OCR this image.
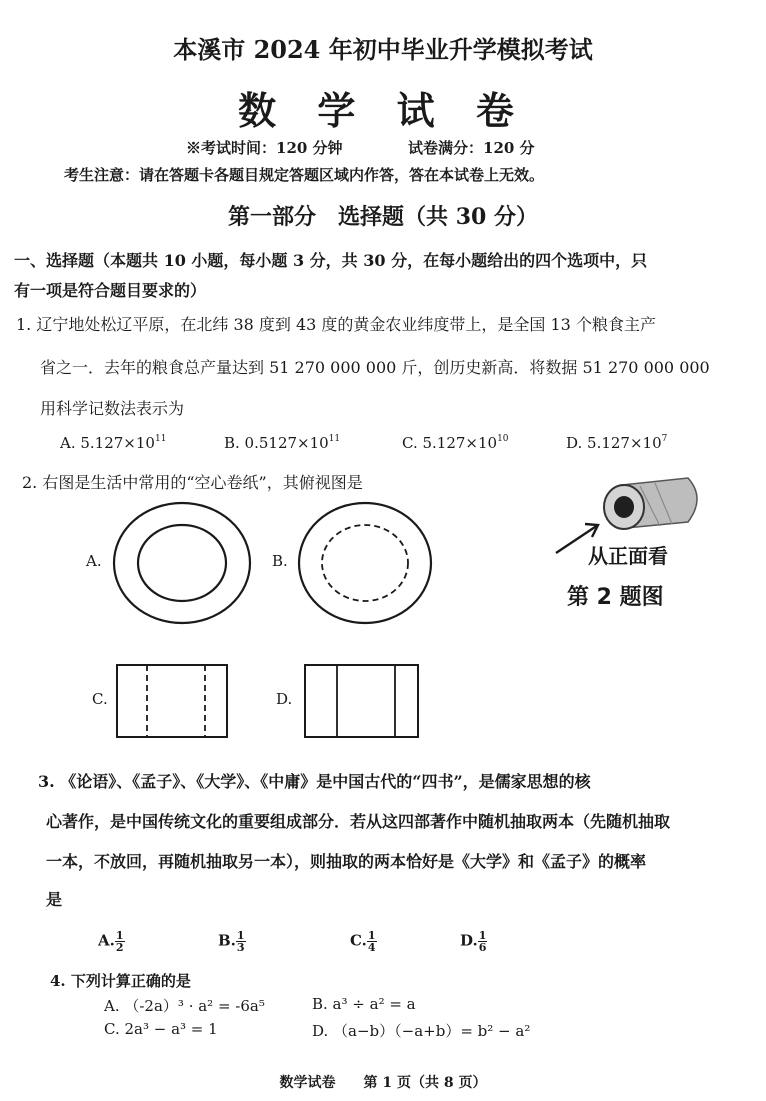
本溪市 2024 年初中毕业升学模拟考试
数 学 试 卷
※考试时间：120 分钟	试卷满分：120 分
考生注意：请在答题卡各题目规定答题区域内作答，答在本试卷上无效。
第一部分　选择题（共 30 分）
一、选择题（本题共 10 小题，每小题 3 分，共 30 分，在每小题给出的四个选项中，只
有一项是符合题目要求的）
1. 辽宁地处松辽平原，在北纬 38 度到 43 度的黄金农业纬度带上，是全国 13 个粮食主产
省之一．去年的粮食总产量达到 51 270 000 000 斤，创历史新高．将数据 51 270 000 000
用科学记数法表示为
A. $5.127\times 10^{11}$	B. $0.5127\times 10^{11}$	C. $5.127\times 10^{10}$	D. $5.127\times 10^7$
2. 右图是生活中常用的“空心卷纸”，其俯视图是
A.	B.
C.	D.
从正面看
第 2 题图
3. 《论语》、《孟子》、《大学》、《中庸》是中国古代的“四书”，是儒家思想的核
心著作，是中国传统文化的重要组成部分．若从这四部著作中随机抽取两本（先随机抽取
一本，不放回，再随机抽取另一本），则抽取的两本恰好是《大学》和《孟子》的概率
是
A. $\frac{1}{2}$	B. $\frac{1}{3}$	C. $\frac{1}{4}$	D. $\frac{1}{6}$
4. 下列计算正确的是
A. （-2a）³ · a² = -6a⁵	B. a³ ÷ a² = a
C. 2a³ − a³ = 1	D. （a−b）（−a+b）= b² − a²
数学试卷　　第 1 页（共 8 页）
